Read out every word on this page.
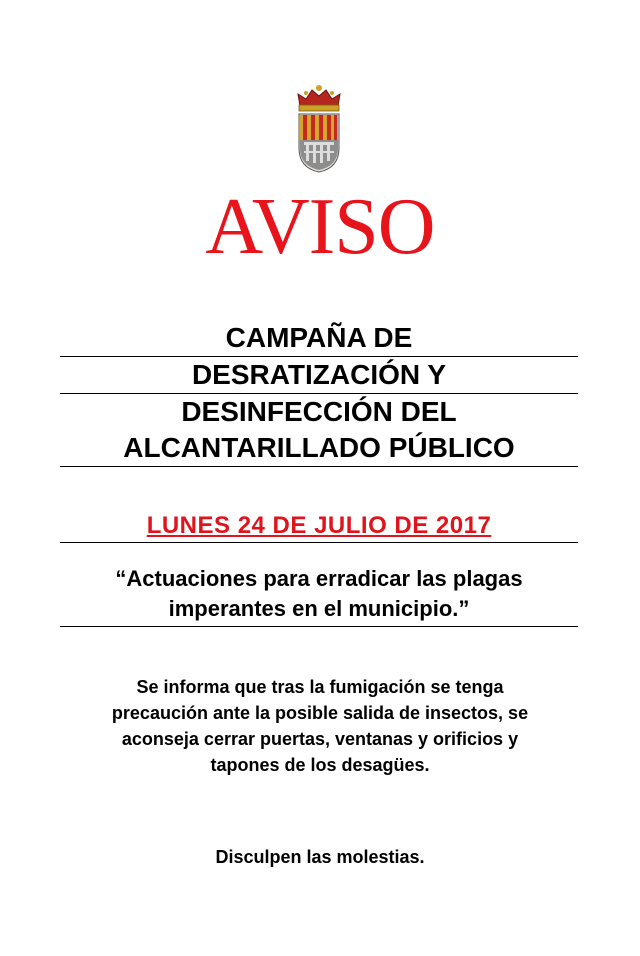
AVISO
CAMPAÑA DE
DESRATIZACIÓN Y
DESINFECCIÓN DEL
ALCANTARILLADO PÚBLICO
LUNES 24 DE JULIO DE 2017
“Actuaciones para erradicar las plagas
imperantes en el municipio.”
Se informa que tras la fumigación se tenga
precaución ante la posible salida de insectos, se
aconseja cerrar puertas, ventanas y orificios y
tapones de los desagües.
Disculpen las molestias.
